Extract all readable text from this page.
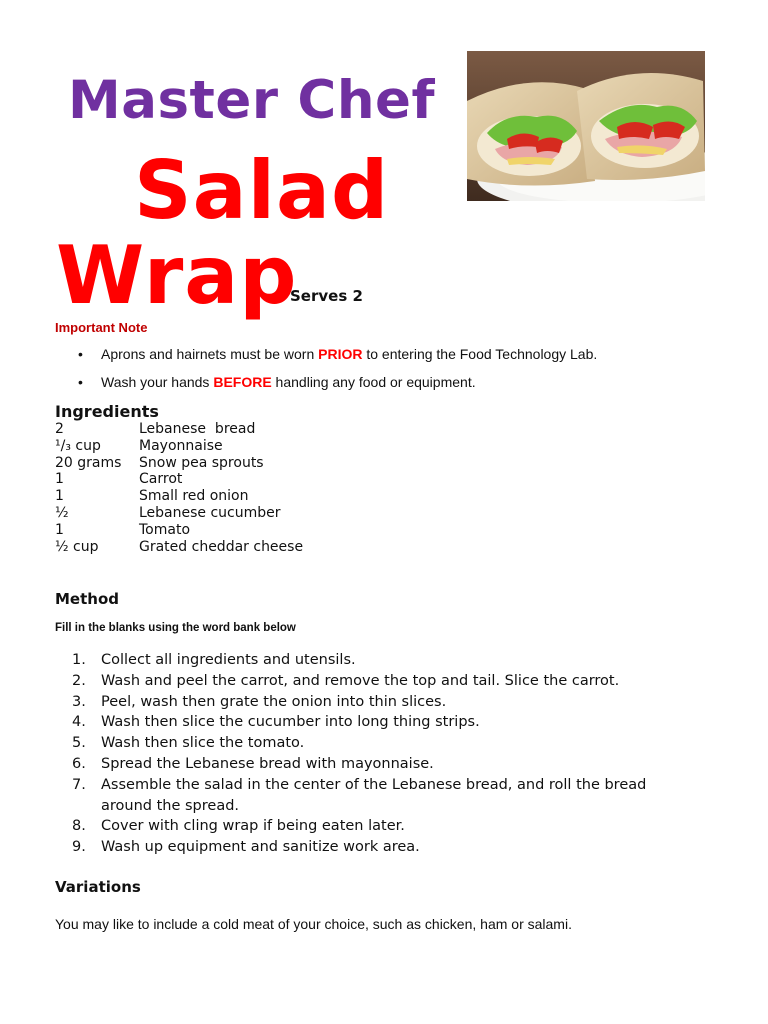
Master Chef
Salad
Wrap
Serves 2
Important Note
• Aprons and hairnets must be worn PRIOR to entering the Food Technology Lab.
• Wash your hands BEFORE handling any food or equipment.
Ingredients
2	Lebanese  bread
¹/₃ cup	Mayonnaise
20 grams	Snow pea sprouts
1	Carrot
1	Small red onion
½	Lebanese cucumber
1	Tomato
½ cup	Grated cheddar cheese
Method
Fill in the blanks using the word bank below
1.	Collect all ingredients and utensils.
2.	Wash and peel the carrot, and remove the top and tail. Slice the carrot.
3.	Peel, wash then grate the onion into thin slices.
4.	Wash then slice the cucumber into long thing strips.
5.	Wash then slice the tomato.
6.	Spread the Lebanese bread with mayonnaise.
7.	Assemble the salad in the center of the Lebanese bread, and roll the bread around the spread.
8.	Cover with cling wrap if being eaten later.
9.	Wash up equipment and sanitize work area.
Variations
You may like to include a cold meat of your choice, such as chicken, ham or salami.
